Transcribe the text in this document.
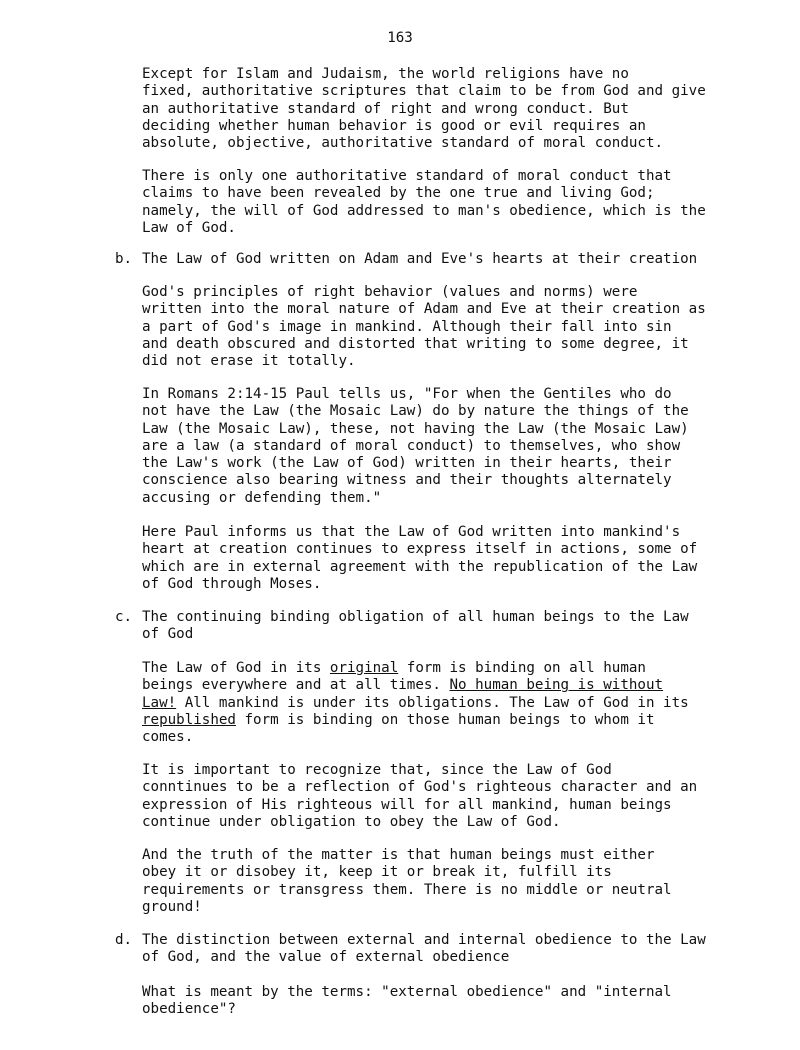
163

Except for Islam and Judaism, the world religions have no
fixed, authoritative scriptures that claim to be from God and give
an authoritative standard of right and wrong conduct. But
deciding whether human behavior is good or evil requires an
absolute, objective, authoritative standard of moral conduct.

There is only one authoritative standard of moral conduct that
claims to have been revealed by the one true and living God;
namely, the will of God addressed to man's obedience, which is the
Law of God.

b. The Law of God written on Adam and Eve's hearts at their creation

God's principles of right behavior (values and norms) were
written into the moral nature of Adam and Eve at their creation as
a part of God's image in mankind. Although their fall into sin
and death obscured and distorted that writing to some degree, it
did not erase it totally.

In Romans 2:14-15 Paul tells us, "For when the Gentiles who do
not have the Law (the Mosaic Law) do by nature the things of the
Law (the Mosaic Law), these, not having the Law (the Mosaic Law)
are a law (a standard of moral conduct) to themselves, who show
the Law's work (the Law of God) written in their hearts, their
conscience also bearing witness and their thoughts alternately
accusing or defending them."

Here Paul informs us that the Law of God written into mankind's
heart at creation continues to express itself in actions, some of
which are in external agreement with the republication of the Law
of God through Moses.

c. The continuing binding obligation of all human beings to the Law
of God

The Law of God in its original form is binding on all human
beings everywhere and at all times. No human being is without
Law! All mankind is under its obligations. The Law of God in its
republished form is binding on those human beings to whom it
comes.

It is important to recognize that, since the Law of God
conntinues to be a reflection of God's righteous character and an
expression of His righteous will for all mankind, human beings
continue under obligation to obey the Law of God.

And the truth of the matter is that human beings must either
obey it or disobey it, keep it or break it, fulfill its
requirements or transgress them. There is no middle or neutral
ground!

d. The distinction between external and internal obedience to the Law
of God, and the value of external obedience

What is meant by the terms: "external obedience" and "internal
obedience"?
